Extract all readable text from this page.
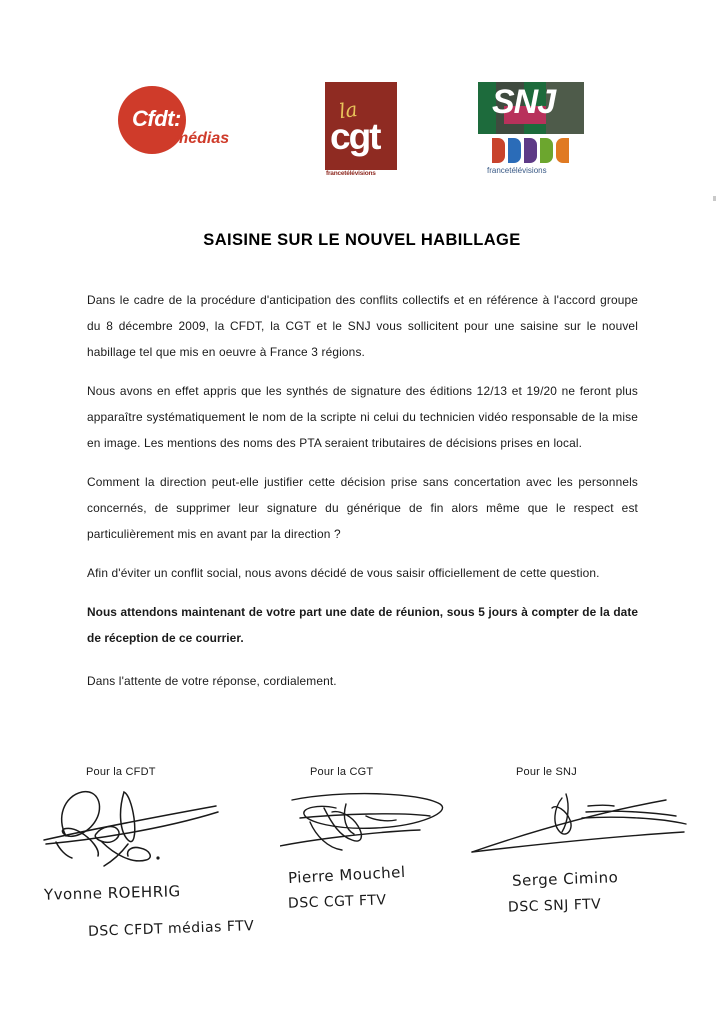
Cfdt:
médias
la
cgt
francetélévisions
SNJ
francetélévisions
SAISINE SUR LE NOUVEL HABILLAGE

Dans le cadre de la procédure d'anticipation des conflits collectifs et en référence à l'accord groupe du 8 décembre 2009, la CFDT, la CGT et le SNJ vous sollicitent pour une saisine sur le nouvel habillage tel que mis en oeuvre à France 3 régions.

Nous avons en effet appris que les synthés de signature des éditions 12/13 et 19/20 ne feront plus apparaître systématiquement le nom de la scripte ni celui du technicien vidéo responsable de la mise en image. Les mentions des noms des PTA seraient tributaires de décisions prises en local.

Comment la direction peut-elle justifier cette décision prise sans concertation avec les personnels concernés, de supprimer leur signature du générique de fin alors même que le respect est particulièrement mis en avant par la direction ?

Afin d'éviter un conflit social, nous avons décidé de vous saisir officiellement de cette question.

Nous attendons maintenant de votre part une date de réunion, sous 5 jours à compter de la date de réception de ce courrier.

Dans l'attente de votre réponse, cordialement.

Pour la CFDT
Yvonne ROEHRIG
DSC CFDT médias FTV
Pour la CGT
Pierre Mouchel
DSC CGT FTV
Pour le SNJ
Serge Cimino
DSC SNJ FTV
